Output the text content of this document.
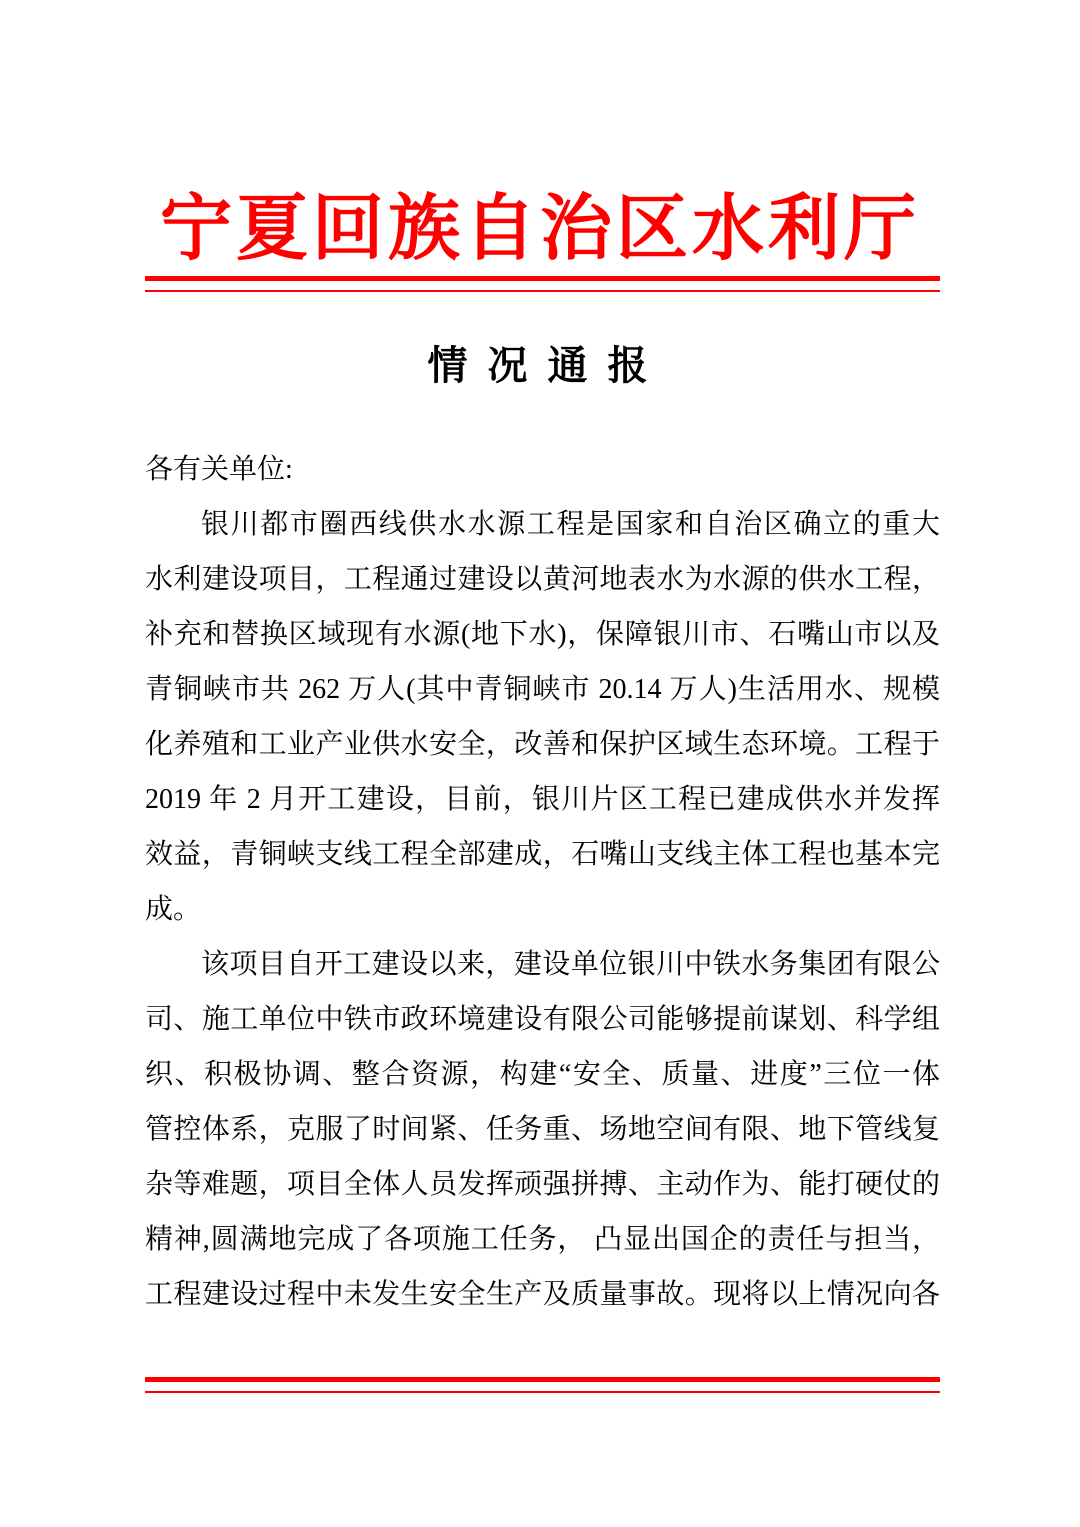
宁夏回族自治区水利厅
情 况 通 报
各有关单位:
银川都市圈西线供水水源工程是国家和自治区确立的重大
水利建设项目，工程通过建设以黄河地表水为水源的供水工程，
补充和替换区域现有水源(地下水)，保障银川市、石嘴山市以及
青铜峡市共 262 万人(其中青铜峡市 20.14 万人)生活用水、规模
化养殖和工业产业供水安全，改善和保护区域生态环境。工程于
2019 年 2 月开工建设，目前，银川片区工程已建成供水并发挥
效益，青铜峡支线工程全部建成，石嘴山支线主体工程也基本完
成。
该项目自开工建设以来，建设单位银川中铁水务集团有限公
司、施工单位中铁市政环境建设有限公司能够提前谋划、科学组
织、积极协调、整合资源，构建“安全、质量、进度”三位一体
管控体系，克服了时间紧、任务重、场地空间有限、地下管线复
杂等难题，项目全体人员发挥顽强拼搏、主动作为、能打硬仗的
精神,圆满地完成了各项施工任务， 凸显出国企的责任与担当，
工程建设过程中未发生安全生产及质量事故。现将以上情况向各
